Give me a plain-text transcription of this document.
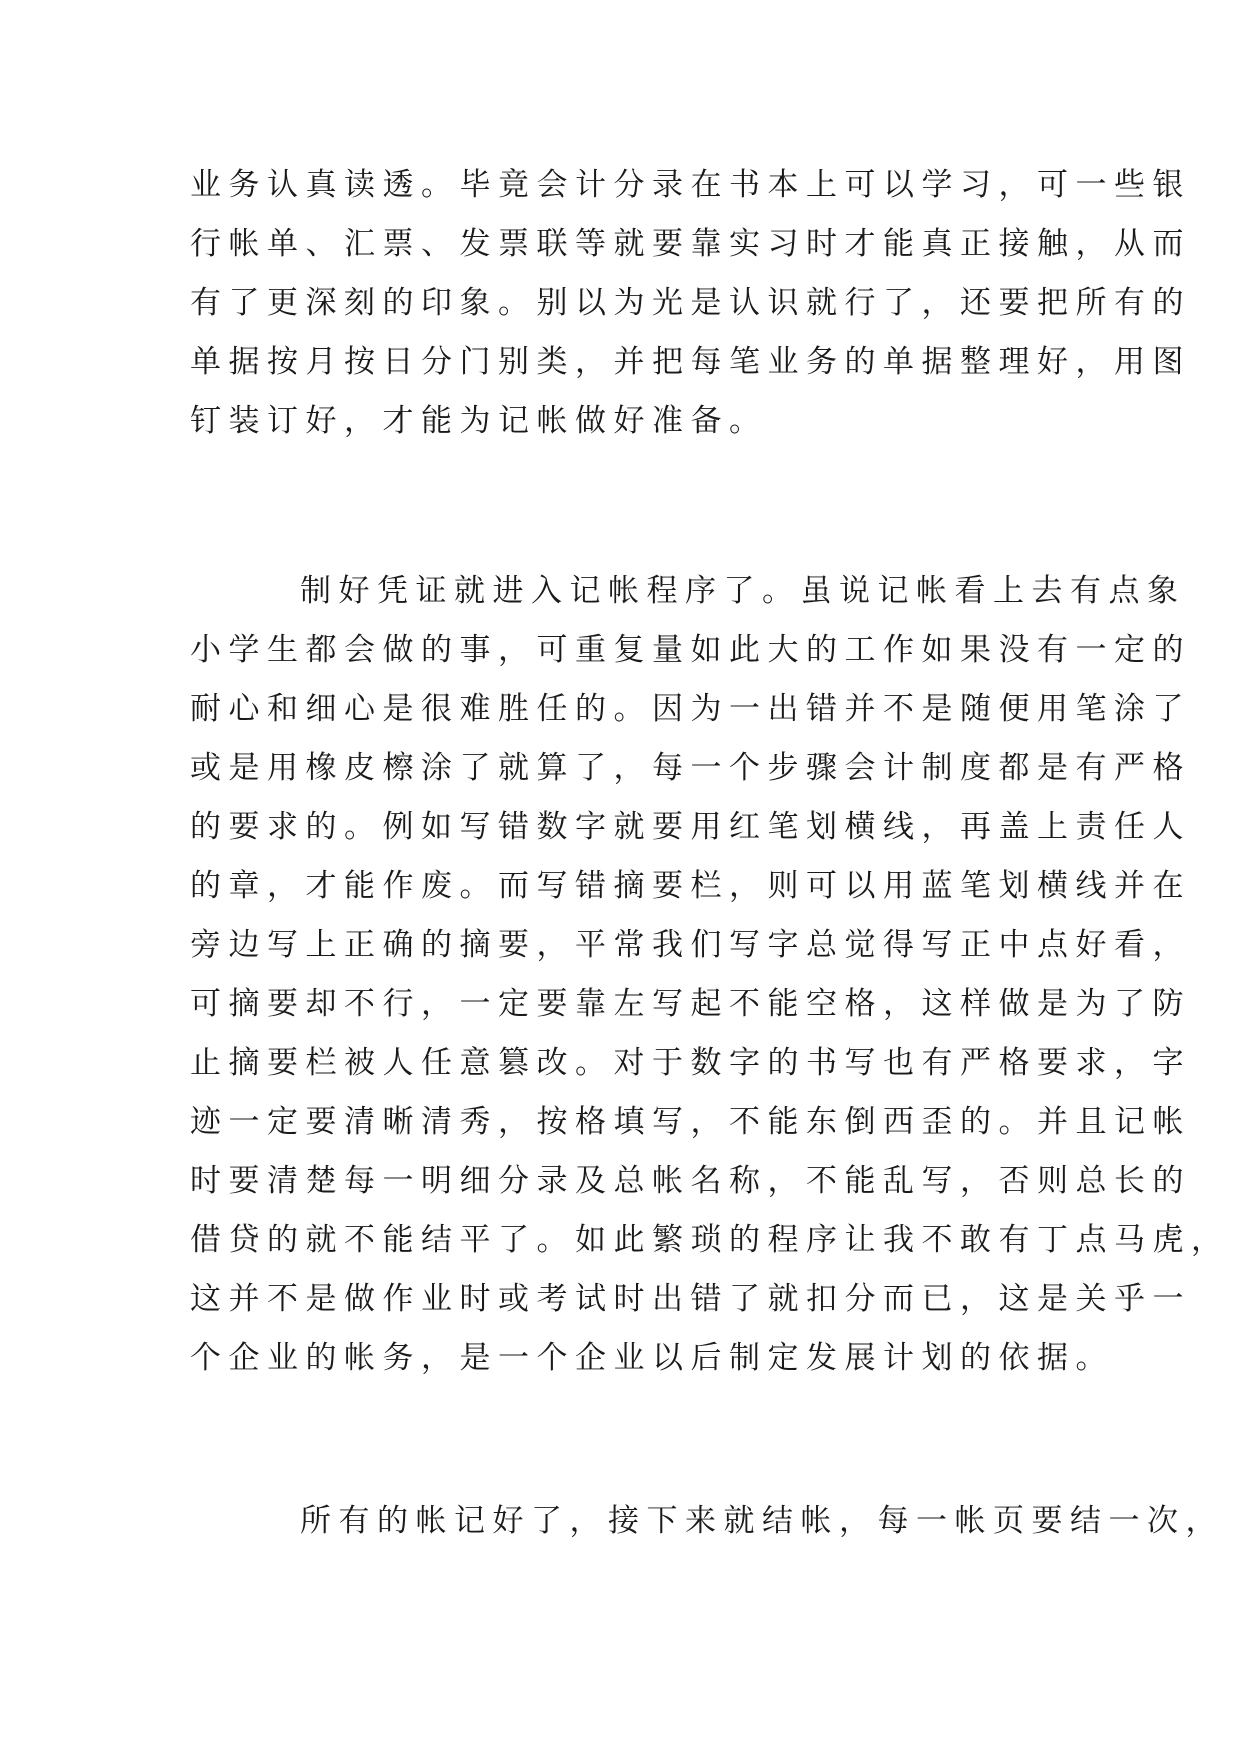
业务认真读透。毕竟会计分录在书本上可以学习，可一些银
行帐单、汇票、发票联等就要靠实习时才能真正接触，从而
有了更深刻的印象。别以为光是认识就行了，还要把所有的
单据按月按日分门别类，并把每笔业务的单据整理好，用图
钉装订好，才能为记帐做好准备。
制好凭证就进入记帐程序了。虽说记帐看上去有点象
小学生都会做的事，可重复量如此大的工作如果没有一定的
耐心和细心是很难胜任的。因为一出错并不是随便用笔涂了
或是用橡皮檫涂了就算了，每一个步骤会计制度都是有严格
的要求的。例如写错数字就要用红笔划横线，再盖上责任人
的章，才能作废。而写错摘要栏，则可以用蓝笔划横线并在
旁边写上正确的摘要，平常我们写字总觉得写正中点好看，
可摘要却不行，一定要靠左写起不能空格，这样做是为了防
止摘要栏被人任意篡改。对于数字的书写也有严格要求，字
迹一定要清晰清秀，按格填写，不能东倒西歪的。并且记帐
时要清楚每一明细分录及总帐名称，不能乱写，否则总长的
借贷的就不能结平了。如此繁琐的程序让我不敢有丁点马虎，
这并不是做作业时或考试时出错了就扣分而已，这是关乎一
个企业的帐务，是一个企业以后制定发展计划的依据。
所有的帐记好了，接下来就结帐，每一帐页要结一次，
